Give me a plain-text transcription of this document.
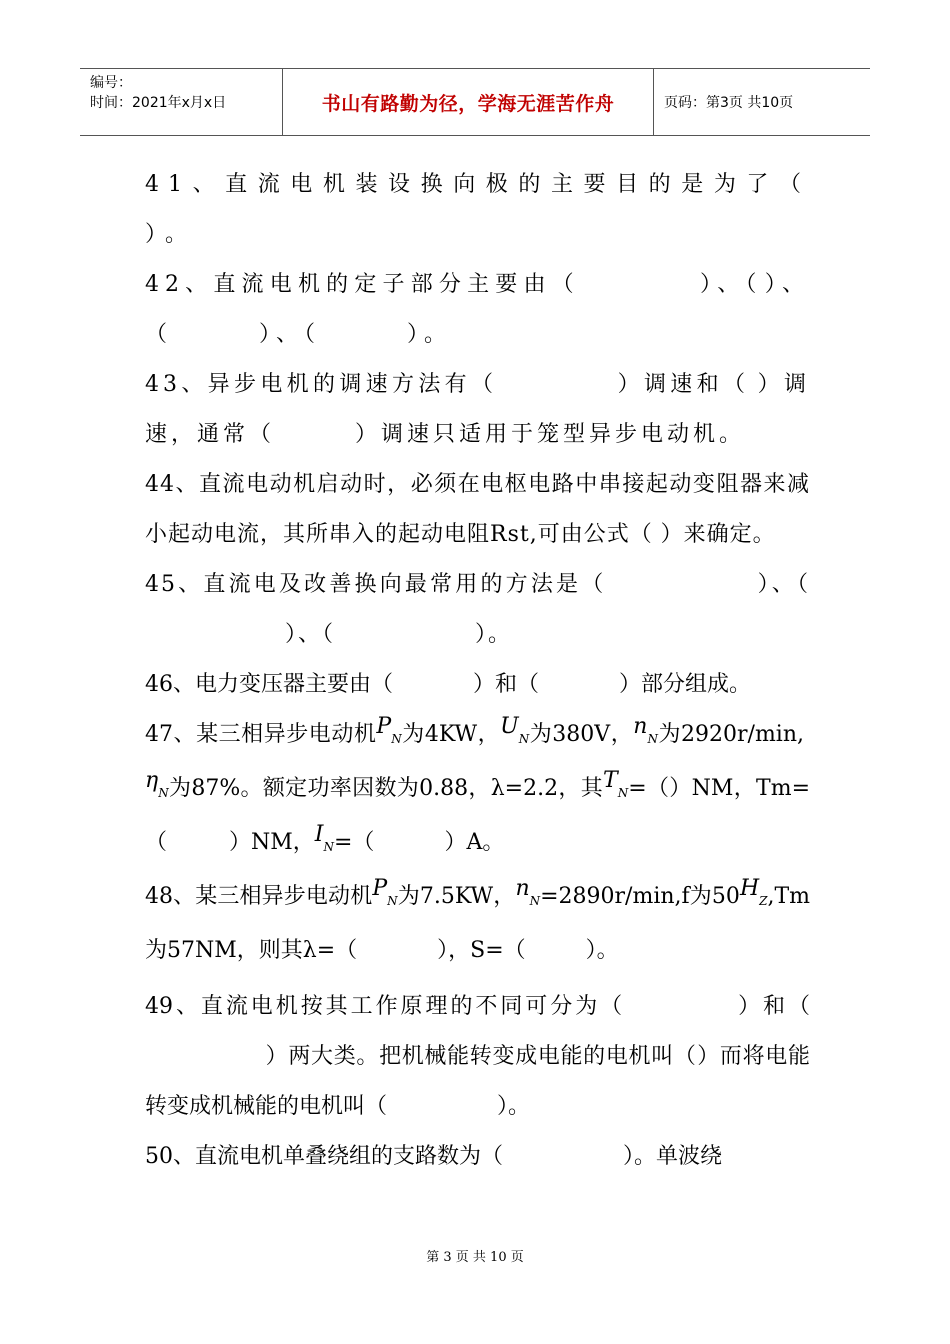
编号：
时间：2021年x月x日	书山有路勤为径，学海无涯苦作舟	页码：第3页 共10页

41、直流电机装设换向极的主要目的是为了（ ）。

42、直流电机的定子部分主要由（	）、（）、（	）、（	）。

43、异步电机的调速方法有（	）调速和（ ）调速，通常（	）调速只适用于笼型异步电动机。

44、直流电动机启动时，必须在电枢电路中串接起动变阻器来减小起动电流，其所串入的起动电阻Rst,可由公式（ ）来确定。

45、直流电及改善换向最常用的方法是（	）、（）、（	）。

46、电力变压器主要由（	）和（	）部分组成。

47、某三相异步电动机PN为4KW，UN为380V，nN为2920r/min,ηN为87%。额定功率因数为0.88，λ=2.2，其TN=（）NM，Tm=（	）NM，IN=（	）A。

48、某三相异步电动机PN为7.5KW，nN=2890r/min,f为50HZ,Tm为57NM，则其λ=（	），S=（	）。

49、直流电机按其工作原理的不同可分为（	）和（）两大类。把机械能转变成电能的电机叫（）而将电能转变成机械能的电机叫（	）。

50、直流电机单叠绕组的支路数为（	）。单波绕

第 3 页 共 10 页
